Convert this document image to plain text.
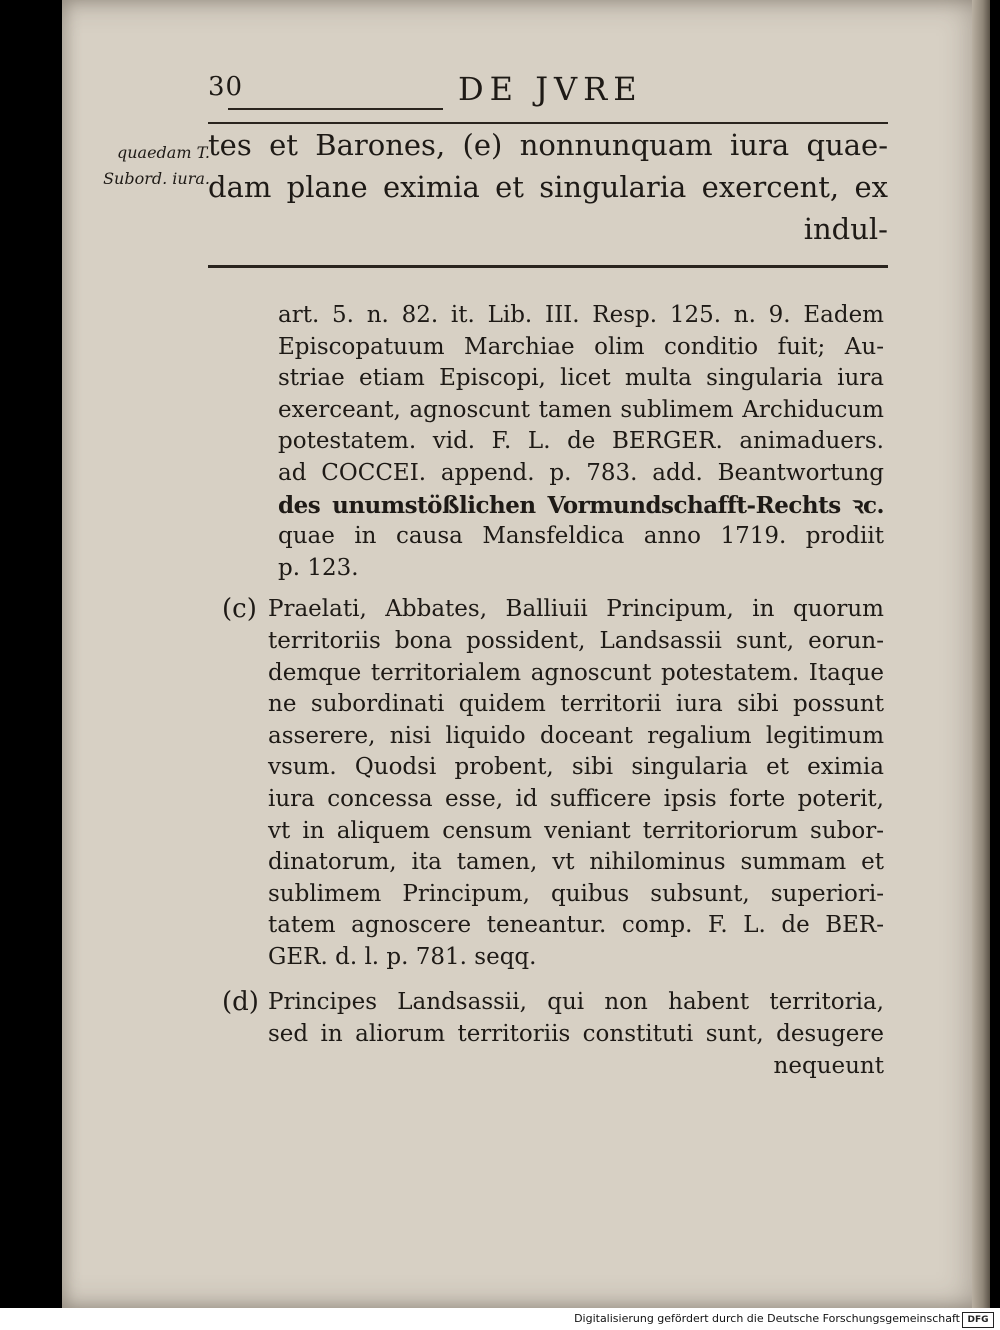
30	DE JVRE
quaedam T.
Subord. iura.
tes et Barones, (e) nonnunquam iura quae-
dam plane eximia et singularia exercent, ex
indul-
art. 5. n. 82. it. Lib. III. Resp. 125. n. 9. Eadem
Episcopatuum Marchiae olim conditio fuit; Au-
striae etiam Episcopi, licet multa singularia iura
exerceant, agnoscunt tamen sublimem Archiducum
potestatem. vid. F. L. de BERGER. animaduers.
ad COCCEI. append. p. 783. add. Beantwortung
des unumstößlichen Vormundschafft-Rechts ꝛc.
quae in causa Mansfeldica anno 1719. prodiit
p. 123.
(c) Praelati, Abbates, Balliuii Principum, in quorum
territoriis bona possident, Landsassii sunt, eorun-
demque territorialem agnoscunt potestatem. Itaque
ne subordinati quidem territorii iura sibi possunt
asserere, nisi liquido doceant regalium legitimum
vsum. Quodsi probent, sibi singularia et eximia
iura concessa esse, id sufficere ipsis forte poterit,
vt in aliquem censum veniant territoriorum subor-
dinatorum, ita tamen, vt nihilominus summam et
sublimem Principum, quibus subsunt, superiori-
tatem agnoscere teneantur. comp. F. L. de BER-
GER. d. l. p. 781. seqq.
(d) Principes Landsassii, qui non habent territoria,
sed in aliorum territoriis constituti sunt, desugere
nequeunt
Digitalisierung gefördert durch die Deutsche Forschungsgemeinschaft DFG
